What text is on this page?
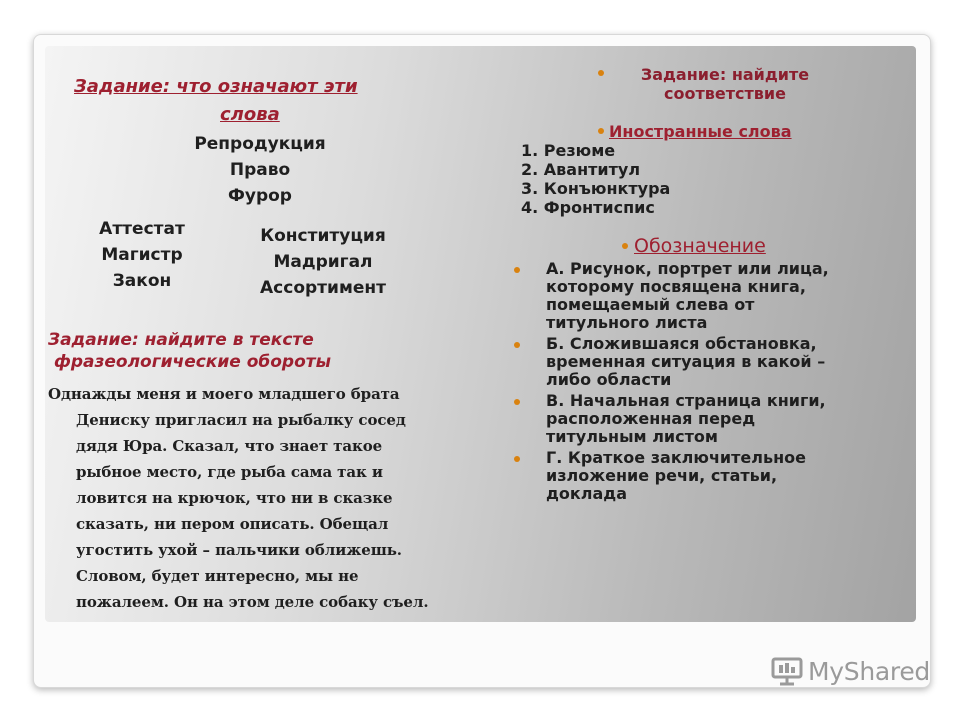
Задание: что означают эти
слова
Репродукция
Право
Фурор
Аттестат
Магистр
Закон
Конституция
Мадригал
Ассортимент
Задание: найдите в тексте
фразеологические обороты
Однажды меня и моего младшего брата
Дениску пригласил на рыбалку сосед
дядя Юра. Сказал, что знает такое
рыбное место, где рыба сама так и
ловится на крючок, что ни в сказке
сказать, ни пером описать. Обещал
угостить ухой – пальчики оближешь.
Словом, будет интересно, мы не
пожалеем. Он на этом деле собаку съел.
Задание: найдите
соответствие
Иностранные слова
1. Резюме
2. Авантитул
3. Конъюнктура
4. Фронтиспис
Обозначение
А. Рисунок, портрет или лица,
которому посвящена книга,
помещаемый слева от
титульного листа
Б. Сложившаяся обстановка,
временная ситуация в какой –
либо области
В. Начальная страница книги,
расположенная перед
титульным листом
Г. Краткое заключительное
изложение речи, статьи,
доклада
MyShared
